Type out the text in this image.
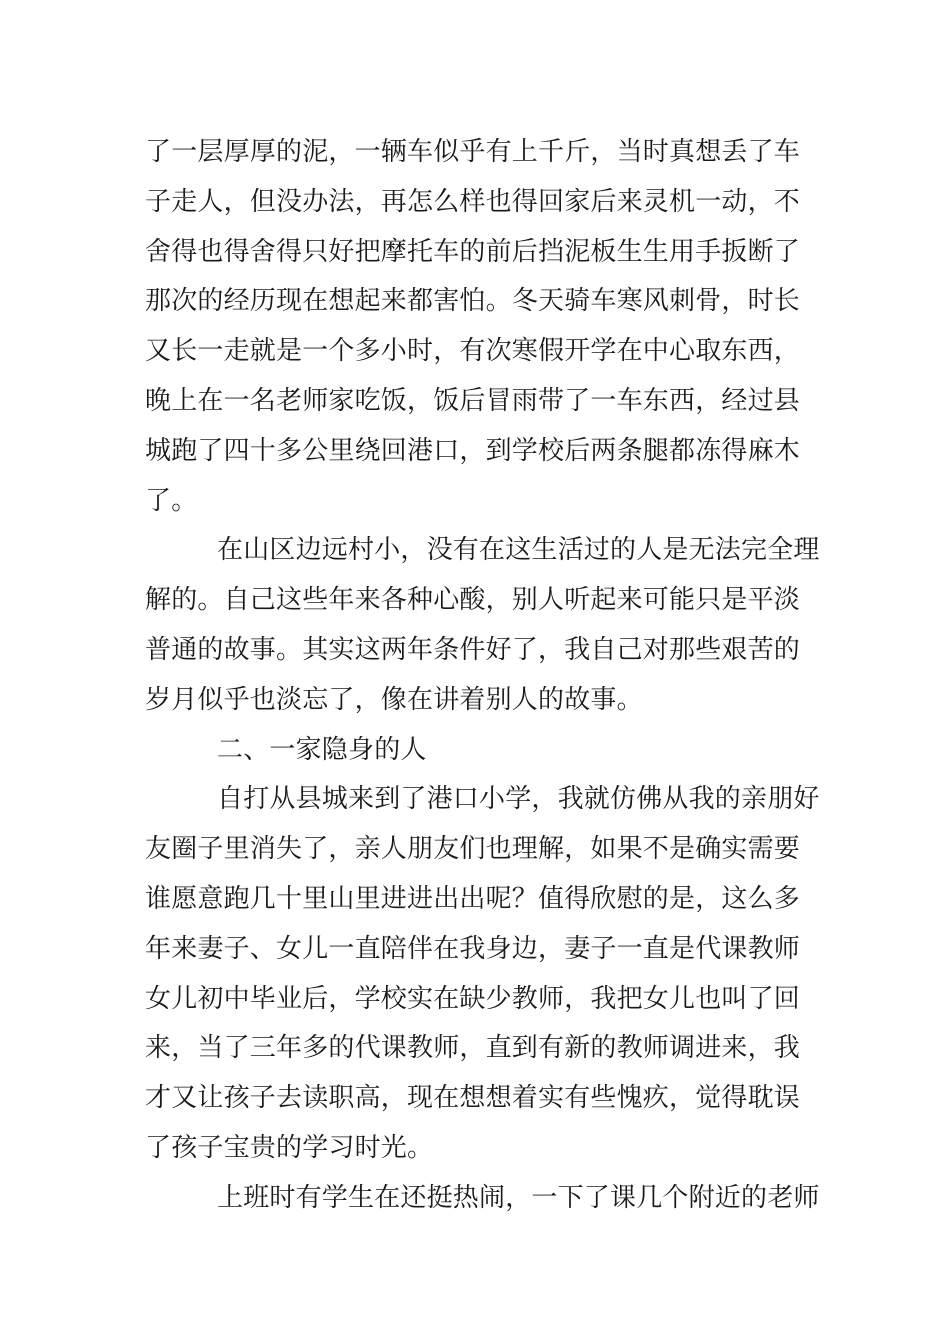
了一层厚厚的泥，一辆车似乎有上千斤，当时真想丢了车
子走人，但没办法，再怎么样也得回家后来灵机一动，不
舍得也得舍得只好把摩托车的前后挡泥板生生用手扳断了
那次的经历现在想起来都害怕。冬天骑车寒风刺骨，时长
又长一走就是一个多小时，有次寒假开学在中心取东西，
晚上在一名老师家吃饭，饭后冒雨带了一车东西，经过县
城跑了四十多公里绕回港口，到学校后两条腿都冻得麻木
了。
在山区边远村小，没有在这生活过的人是无法完全理
解的。自己这些年来各种心酸，别人听起来可能只是平淡
普通的故事。其实这两年条件好了，我自己对那些艰苦的
岁月似乎也淡忘了，像在讲着别人的故事。
二、一家隐身的人
自打从县城来到了港口小学，我就仿佛从我的亲朋好
友圈子里消失了，亲人朋友们也理解，如果不是确实需要
谁愿意跑几十里山里进进出出呢？值得欣慰的是，这么多
年来妻子、女儿一直陪伴在我身边，妻子一直是代课教师
女儿初中毕业后，学校实在缺少教师，我把女儿也叫了回
来，当了三年多的代课教师，直到有新的教师调进来，我
才又让孩子去读职高，现在想想着实有些愧疚，觉得耽误
了孩子宝贵的学习时光。
上班时有学生在还挺热闹，一下了课几个附近的老师
